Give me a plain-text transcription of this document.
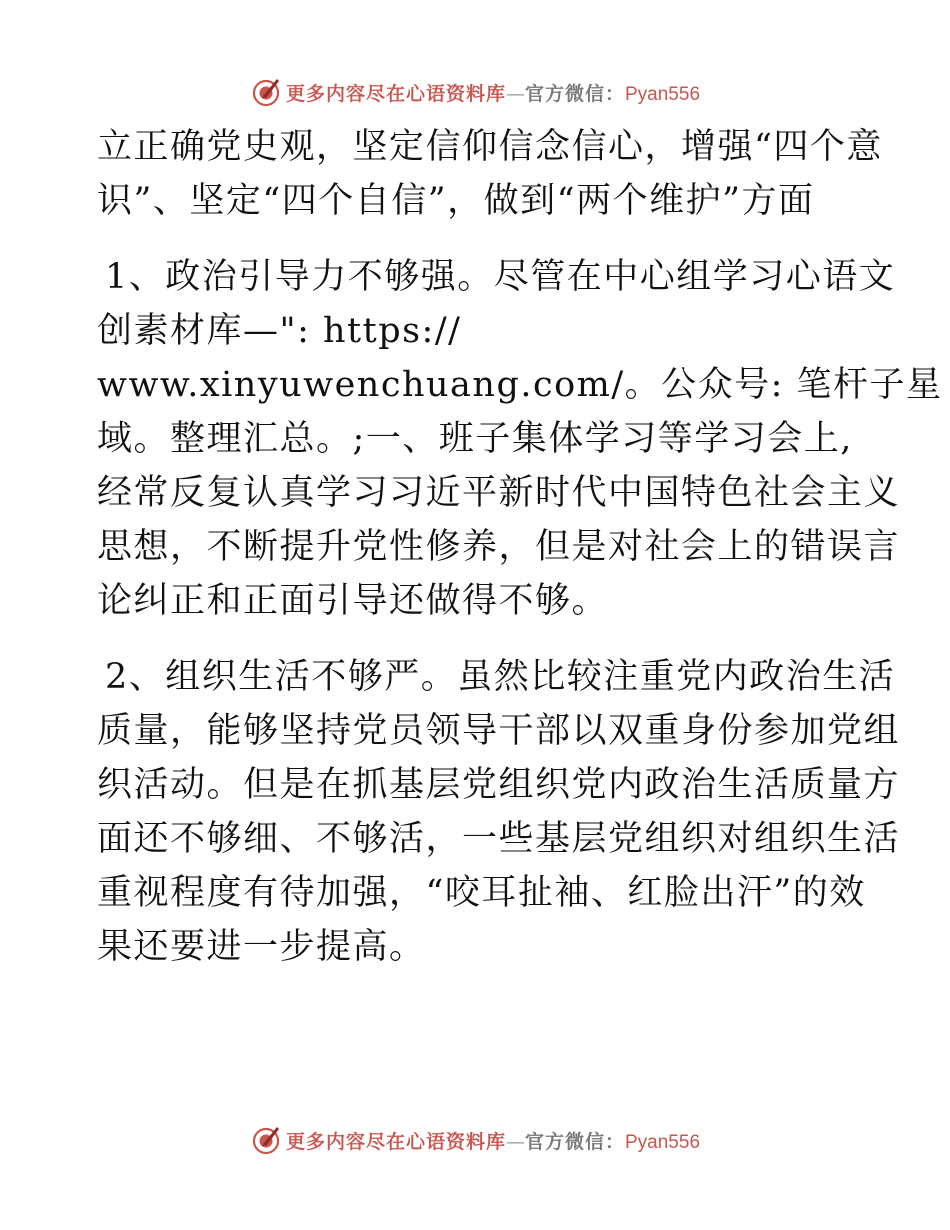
更多内容尽在心语资料库—官方微信：Pyan556
立正确党史观，坚定信仰信念信心，增强“四个意
识”、坚定“四个自信”，做到“两个维护”方面
1、政治引导力不够强。尽管在中心组学习心语文
创素材库—": https://
www.xinyuwenchuang.com/。公众号: 笔杆子星
域。整理汇总。;一、班子集体学习等学习会上,
经常反复认真学习习近平新时代中国特色社会主义
思想，不断提升党性修养，但是对社会上的错误言
论纠正和正面引导还做得不够。
2、组织生活不够严。虽然比较注重党内政治生活
质量，能够坚持党员领导干部以双重身份参加党组
织活动。但是在抓基层党组织党内政治生活质量方
面还不够细、不够活，一些基层党组织对组织生活
重视程度有待加强，“咬耳扯袖、红脸出汗”的效
果还要进一步提高。
更多内容尽在心语资料库—官方微信：Pyan556
